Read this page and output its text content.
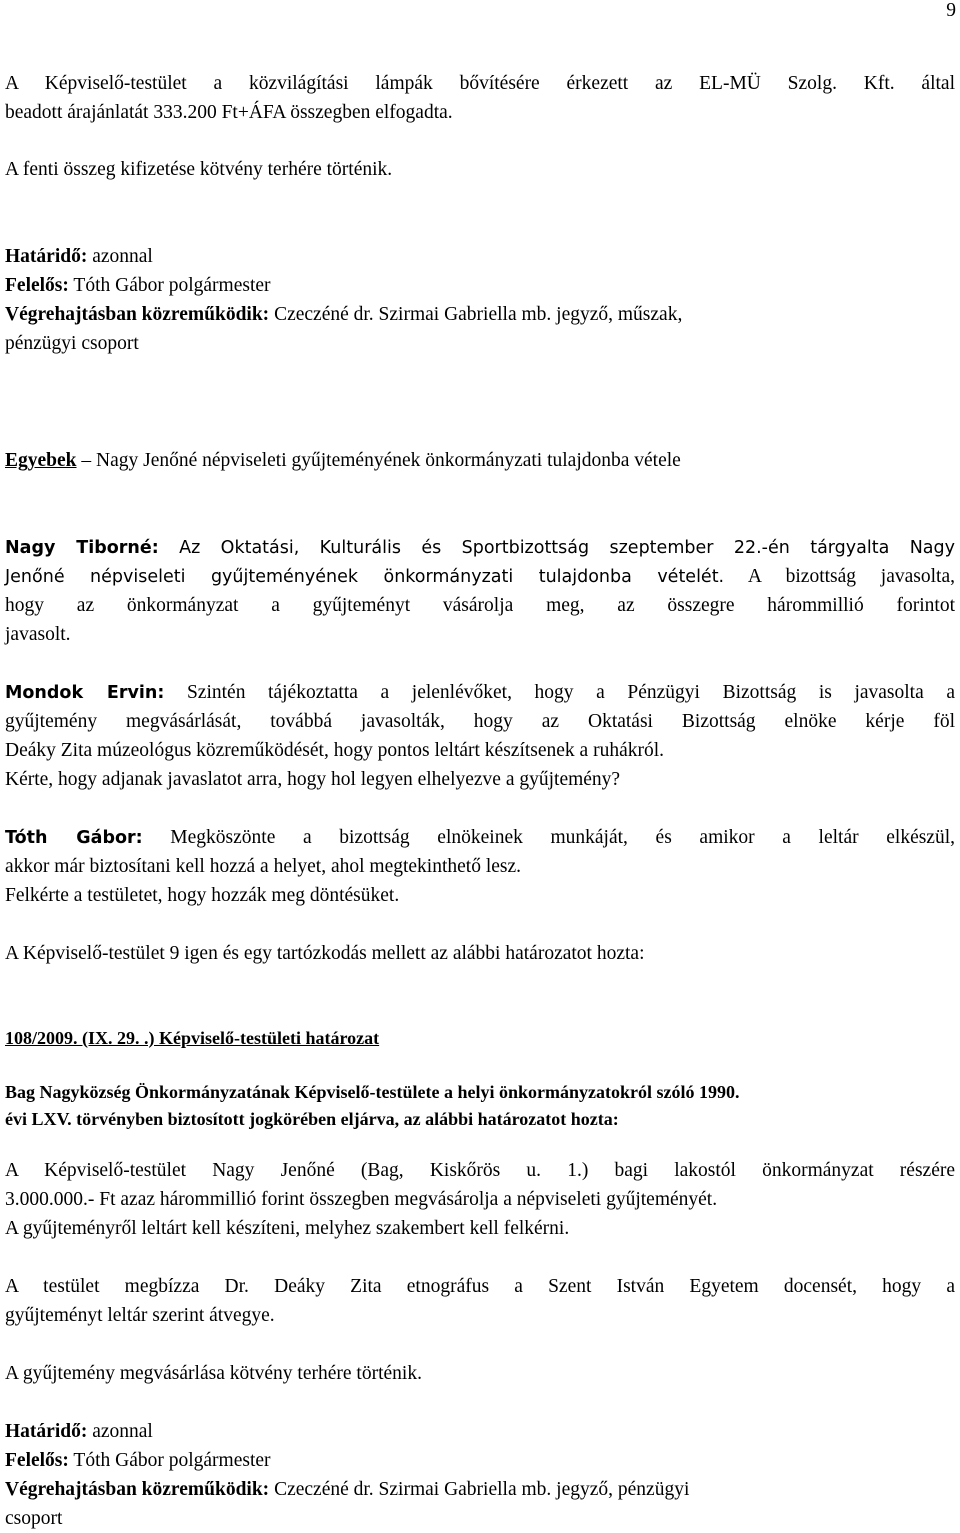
9

A Képviselő-testület a közvilágítási lámpák bővítésére érkezett az EL-MÜ Szolg. Kft. által

beadott árajánlatát 333.200 Ft+ÁFA összegben elfogadta.

A fenti összeg kifizetése kötvény terhére történik.

Határidő: azonnal

Felelős: Tóth Gábor polgármester

Végrehajtásban közreműködik: Czeczéné dr. Szirmai Gabriella mb. jegyző, műszak,

pénzügyi csoport

Egyebek – Nagy Jenőné népviseleti gyűjteményének önkormányzati tulajdonba vétele

Nagy Tiborné: Az Oktatási, Kulturális és Sportbizottság szeptember 22.-én tárgyalta Nagy

Jenőné népviseleti gyűjteményének önkormányzati tulajdonba vételét. A bizottság javasolta,

hogy az önkormányzat a gyűjteményt vásárolja meg, az összegre hárommillió forintot

javasolt.

Mondok Ervin: Szintén tájékoztatta a jelenlévőket, hogy a Pénzügyi Bizottság is javasolta a

gyűjtemény megvásárlását, továbbá javasolták, hogy az Oktatási Bizottság elnöke kérje föl

Deáky Zita múzeológus közreműködését, hogy pontos leltárt készítsenek a ruhákról.

Kérte, hogy adjanak javaslatot arra, hogy hol legyen elhelyezve a gyűjtemény?

Tóth Gábor: Megköszönte a bizottság elnökeinek munkáját, és amikor a leltár elkészül,

akkor már biztosítani kell hozzá a helyet, ahol megtekinthető lesz.

Felkérte a testületet, hogy hozzák meg döntésüket.

A Képviselő-testület 9 igen és egy tartózkodás mellett az alábbi határozatot hozta:

108/2009. (IX. 29. .) Képviselő-testületi határozat

Bag Nagyközség Önkormányzatának Képviselő-testülete a helyi önkormányzatokról szóló 1990.

évi LXV. törvényben biztosított jogkörében eljárva, az alábbi határozatot hozta:

A Képviselő-testület Nagy Jenőné (Bag, Kiskőrös u. 1.) bagi lakostól önkormányzat részére

3.000.000.- Ft azaz hárommillió forint összegben megvásárolja a népviseleti gyűjteményét.

A gyűjteményről leltárt kell készíteni, melyhez szakembert kell felkérni.

A testület megbízza Dr. Deáky Zita etnográfus a Szent István Egyetem docensét, hogy a

gyűjteményt leltár szerint átvegye.

A gyűjtemény megvásárlása kötvény terhére történik.

Határidő: azonnal

Felelős: Tóth Gábor polgármester

Végrehajtásban közreműködik: Czeczéné dr. Szirmai Gabriella mb. jegyző, pénzügyi

csoport
